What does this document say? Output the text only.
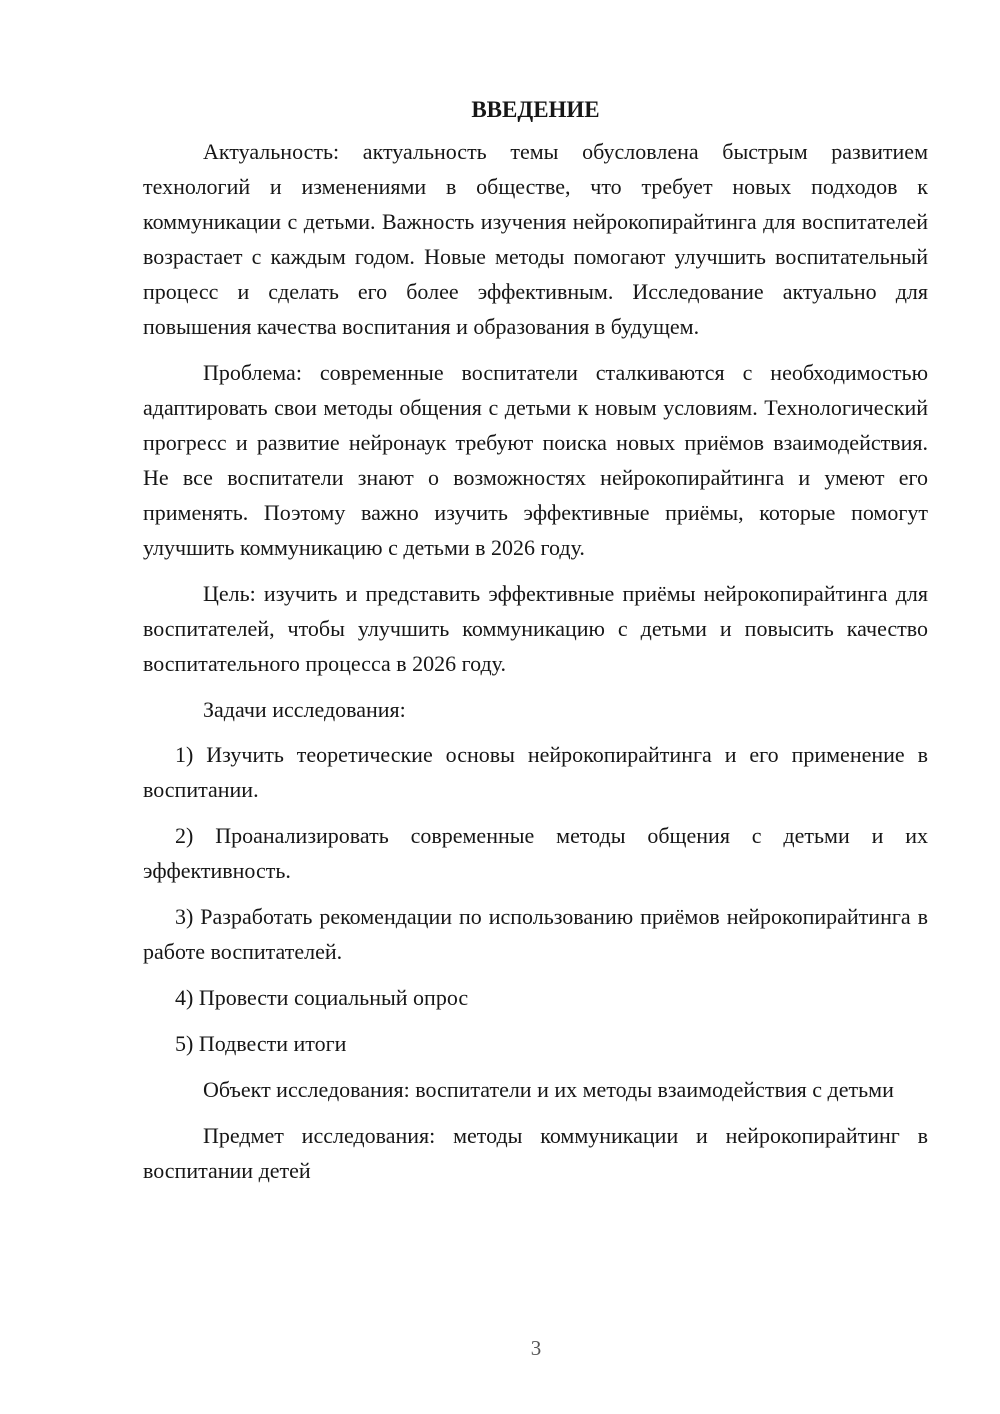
ВВЕДЕНИЕ

Актуальность: актуальность темы обусловлена быстрым развитием технологий и изменениями в обществе, что требует новых подходов к коммуникации с детьми. Важность изучения нейрокопирайтинга для воспитателей возрастает с каждым годом. Новые методы помогают улучшить воспитательный процесс и сделать его более эффективным. Исследование актуально для повышения качества воспитания и образования в будущем.

Проблема: современные воспитатели сталкиваются с необходимостью адаптировать свои методы общения с детьми к новым условиям. Технологический прогресс и развитие нейронаук требуют поиска новых приёмов взаимодействия. Не все воспитатели знают о возможностях нейрокопирайтинга и умеют его применять. Поэтому важно изучить эффективные приёмы, которые помогут улучшить коммуникацию с детьми в 2026 году.

Цель: изучить и представить эффективные приёмы нейрокопирайтинга для воспитателей, чтобы улучшить коммуникацию с детьми и повысить качество воспитательного процесса в 2026 году.

Задачи исследования:

1) Изучить теоретические основы нейрокопирайтинга и его применение в воспитании.

2) Проанализировать современные методы общения с детьми и их эффективность.

3) Разработать рекомендации по использованию приёмов нейрокопирайтинга в работе воспитателей.

4) Провести социальный опрос

5) Подвести итоги

Объект исследования: воспитатели и их методы взаимодействия с детьми

Предмет исследования: методы коммуникации и нейрокопирайтинг в воспитании детей

3
